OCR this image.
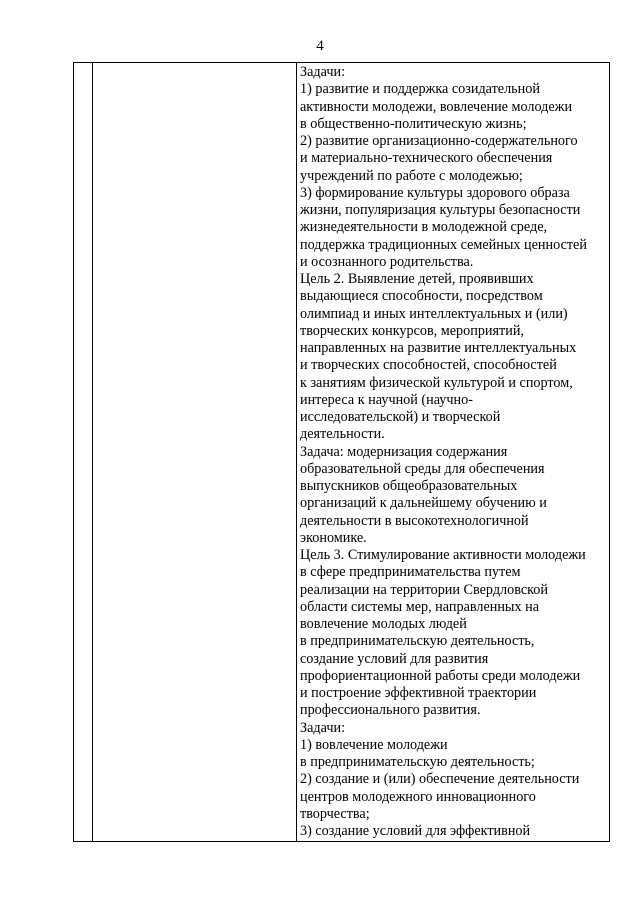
4
Задачи:
1) развитие и поддержка созидательной
активности молодежи, вовлечение молодежи
в общественно-политическую жизнь;
2) развитие организационно-содержательного
и материально-технического обеспечения
учреждений по работе с молодежью;
3) формирование культуры здорового образа
жизни, популяризация культуры безопасности
жизнедеятельности в молодежной среде,
поддержка традиционных семейных ценностей
и осознанного родительства.
Цель 2. Выявление детей, проявивших
выдающиеся способности, посредством
олимпиад и иных интеллектуальных и (или)
творческих конкурсов, мероприятий,
направленных на развитие интеллектуальных
и творческих способностей, способностей
к занятиям физической культурой и спортом,
интереса к научной (научно-
исследовательской) и творческой
деятельности.
Задача: модернизация содержания
образовательной среды для обеспечения
выпускников общеобразовательных
организаций к дальнейшему обучению и
деятельности в высокотехнологичной
экономике.
Цель 3. Стимулирование активности молодежи
в сфере предпринимательства путем
реализации на территории Свердловской
области системы мер, направленных на
вовлечение молодых людей
в предпринимательскую деятельность,
создание условий для развития
профориентационной работы среди молодежи
и построение эффективной траектории
профессионального развития.
Задачи:
1) вовлечение молодежи
в предпринимательскую деятельность;
2) создание и (или) обеспечение деятельности
центров молодежного инновационного
творчества;
3) создание условий для эффективной
